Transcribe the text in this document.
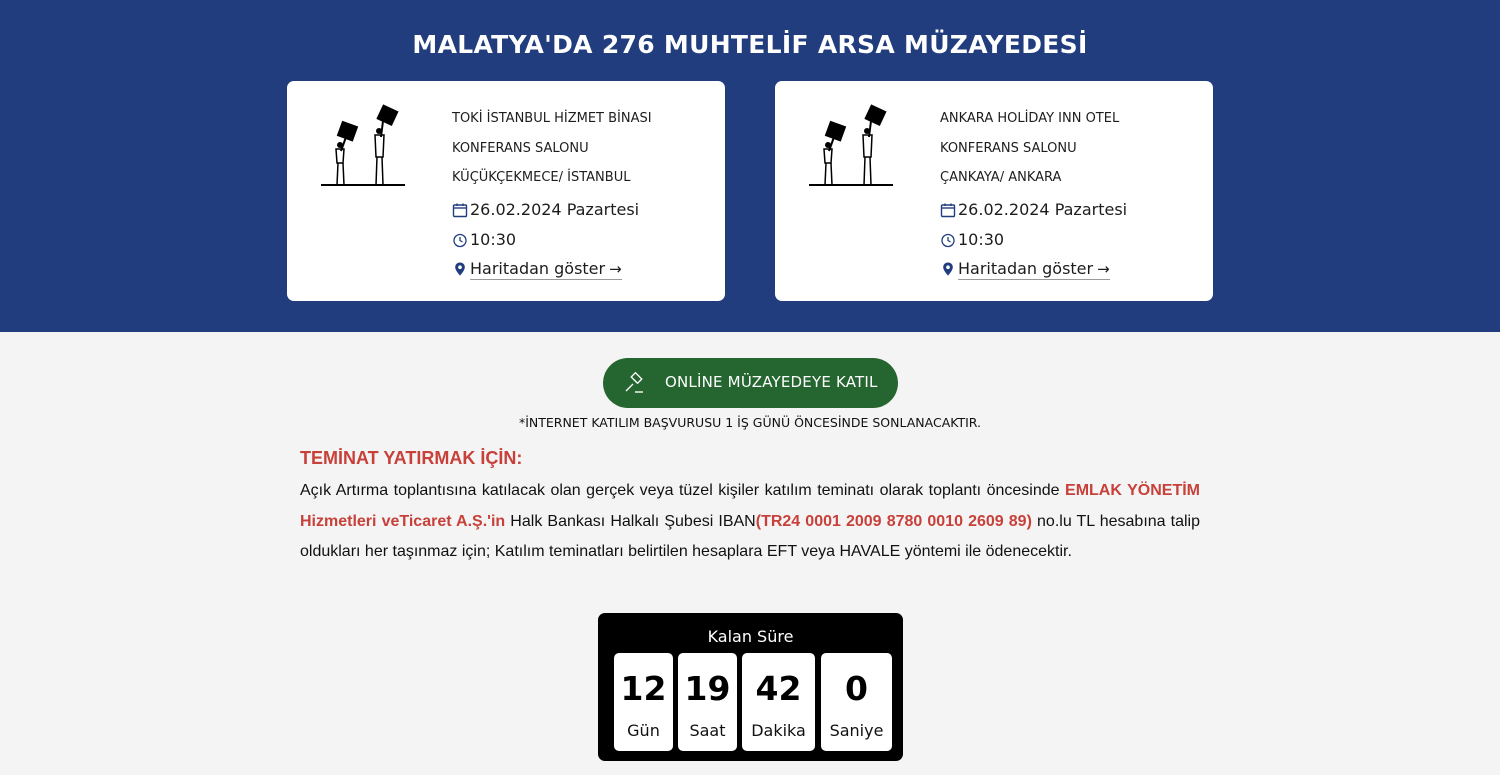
MALATYA'DA 276 MUHTELİF ARSA MÜZAYEDESİ
TOKİ İSTANBUL HİZMET BİNASI
KONFERANS SALONU
KÜÇÜKÇEKMECE/ İSTANBUL
26.02.2024 Pazartesi
10:30
Haritadan göster →
ANKARA HOLİDAY INN OTEL
KONFERANS SALONU
ÇANKAYA/ ANKARA
26.02.2024 Pazartesi
10:30
Haritadan göster →
ONLİNE MÜZAYEDEYE KATIL
*İNTERNET KATILIM BAŞVURUSU 1 İŞ GÜNÜ ÖNCESİNDE SONLANACAKTIR.
TEMİNAT YATIRMAK İÇİN:

Açık Artırma toplantısına katılacak olan gerçek veya tüzel kişiler katılım teminatı olarak toplantı öncesinde EMLAK YÖNETİM Hizmetleri veTicaret A.Ş.'in Halk Bankası Halkalı Şubesi IBAN(TR24 0001 2009 8780 0010 2609 89) no.lu TL hesabına talip oldukları her taşınmaz için; Katılım teminatları belirtilen hesaplara EFT veya HAVALE yöntemi ile ödenecektir.

Kalan Süre
12
Gün
19
Saat
42
Dakika
0
Saniye
